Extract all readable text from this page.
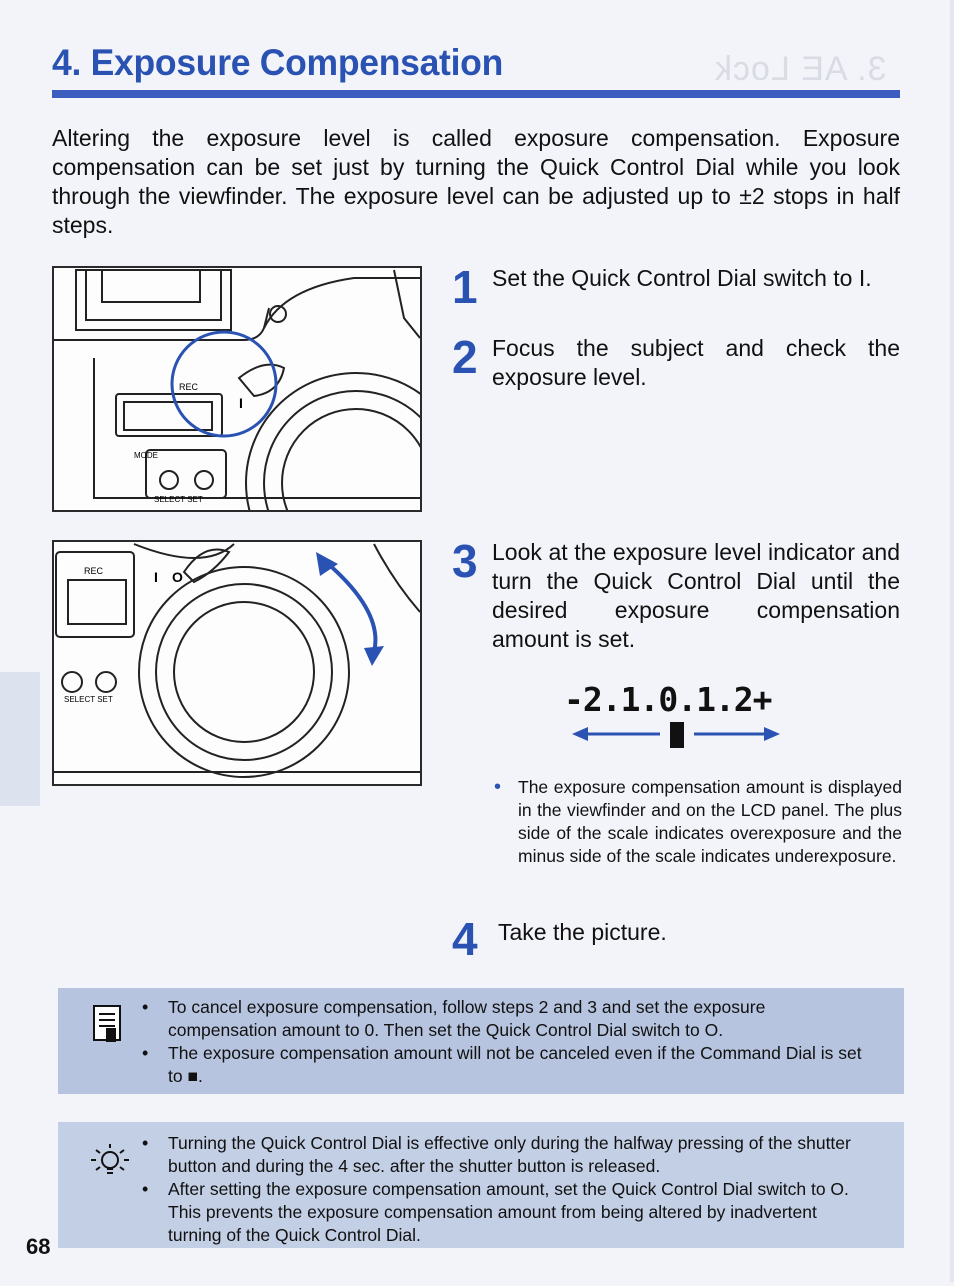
3. AE Lock
4. Exposure Compensation
Altering the exposure level is called exposure compensation. Exposure compensation can be set just by turning the Quick Control Dial while you look through the viewfinder. The exposure level can be adjusted up to ±2 stops in half steps.
REC
I
MODE
SELECT SET
REC	I O
SELECT SET
1 Set the Quick Control Dial switch to I.
2 Focus the subject and check the exposure level.
3 Look at the exposure level indicator and turn the Quick Control Dial until the desired exposure compensation amount is set.
-2.1.0.1.2+
• The exposure compensation amount is displayed in the viewfinder and on the LCD panel. The plus side of the scale indicates overexposure and the minus side of the scale indicates underexposure.
4 Take the picture.
• To cancel exposure compensation, follow steps 2 and 3 and set the exposure compensation amount to 0. Then set the Quick Control Dial switch to O.
• The exposure compensation amount will not be canceled even if the Command Dial is set to ■.
• Turning the Quick Control Dial is effective only during the halfway pressing of the shutter button and during the 4 sec. after the shutter button is released.
• After setting the exposure compensation amount, set the Quick Control Dial switch to O. This prevents the exposure compensation amount from being altered by inadvertent turning of the Quick Control Dial.
68
